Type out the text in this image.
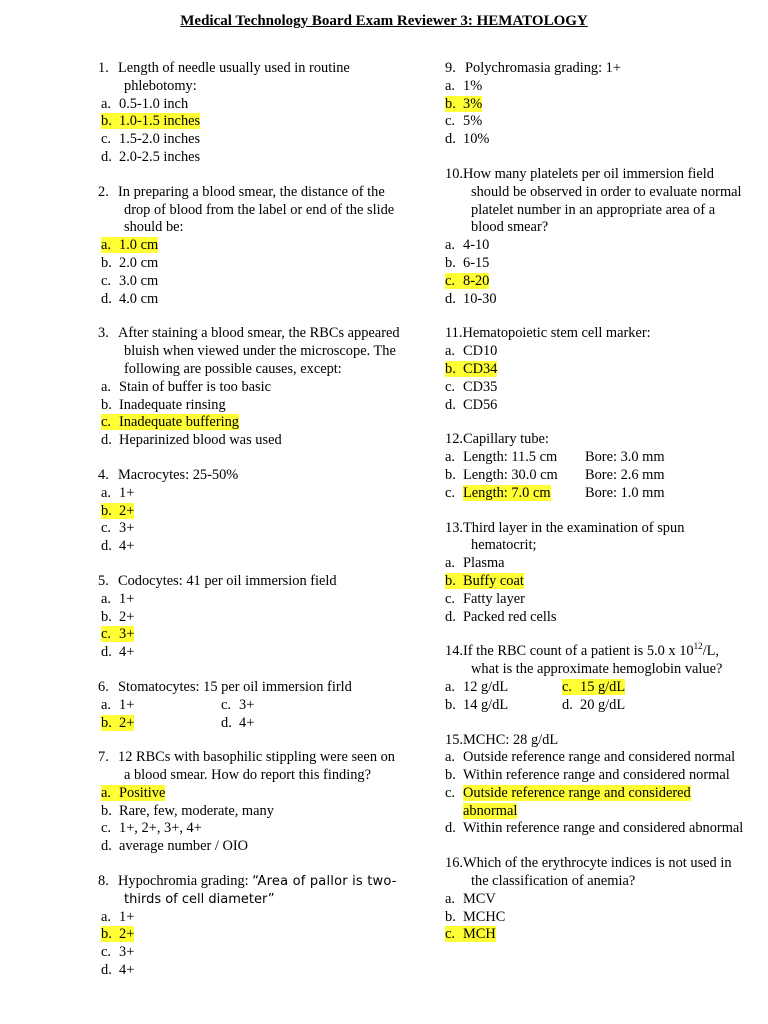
Medical Technology Board Exam Reviewer 3: HEMATOLOGY
1. Length of needle usually used in routine
phlebotomy:
a. 0.5-1.0 inch
b. 1.0-1.5 inches
c. 1.5-2.0 inches
d. 2.0-2.5 inches
2. In preparing a blood smear, the distance of the
drop of blood from the label or end of the slide
should be:
a. 1.0 cm
b. 2.0 cm
c. 3.0 cm
d. 4.0 cm
3. After staining a blood smear, the RBCs appeared
bluish when viewed under the microscope. The
following are possible causes, except:
a. Stain of buffer is too basic
b. Inadequate rinsing
c. Inadequate buffering
d. Heparinized blood was used
4. Macrocytes: 25-50%
a. 1+
b. 2+
c. 3+
d. 4+
5. Codocytes: 41 per oil immersion field
a. 1+
b. 2+
c. 3+
d. 4+
6. Stomatocytes: 15 per oil immersion firld
a. 1+	c. 3+
b. 2+	d. 4+
7. 12 RBCs with basophilic stippling were seen on
a blood smear. How do report this finding?
a. Positive
b. Rare, few, moderate, many
c. 1+, 2+, 3+, 4+
d. average number / OIO
8. Hypochromia grading: “Area of pallor is two-
thirds of cell diameter”
a. 1+
b. 2+
c. 3+
d. 4+
9. Polychromasia grading: 1+
a. 1%
b. 3%
c. 5%
d. 10%
10.How many platelets per oil immersion field
should be observed in order to evaluate normal
platelet number in an appropriate area of a
blood smear?
a. 4-10
b. 6-15
c. 8-20
d. 10-30
11.Hematopoietic stem cell marker:
a. CD10
b. CD34
c. CD35
d. CD56
12.Capillary tube:
a. Length: 11.5 cm	Bore: 3.0 mm
b. Length: 30.0 cm	Bore: 2.6 mm
c. Length: 7.0 cm	Bore: 1.0 mm
13.Third layer in the examination of spun
hematocrit;
a. Plasma
b. Buffy coat
c. Fatty layer
d. Packed red cells
14.If the RBC count of a patient is 5.0 x $10^{12}/L$,
what is the approximate hemoglobin value?
a. 12 g/dL	c. 15 g/dL
b. 14 g/dL	d. 20 g/dL
15.MCHC: 28 g/dL
a. Outside reference range and considered normal
b. Within reference range and considered normal
c. Outside reference range and considered
abnormal
d. Within reference range and considered abnormal
16.Which of the erythrocyte indices is not used in
the classification of anemia?
a. MCV
b. MCHC
c. MCH
